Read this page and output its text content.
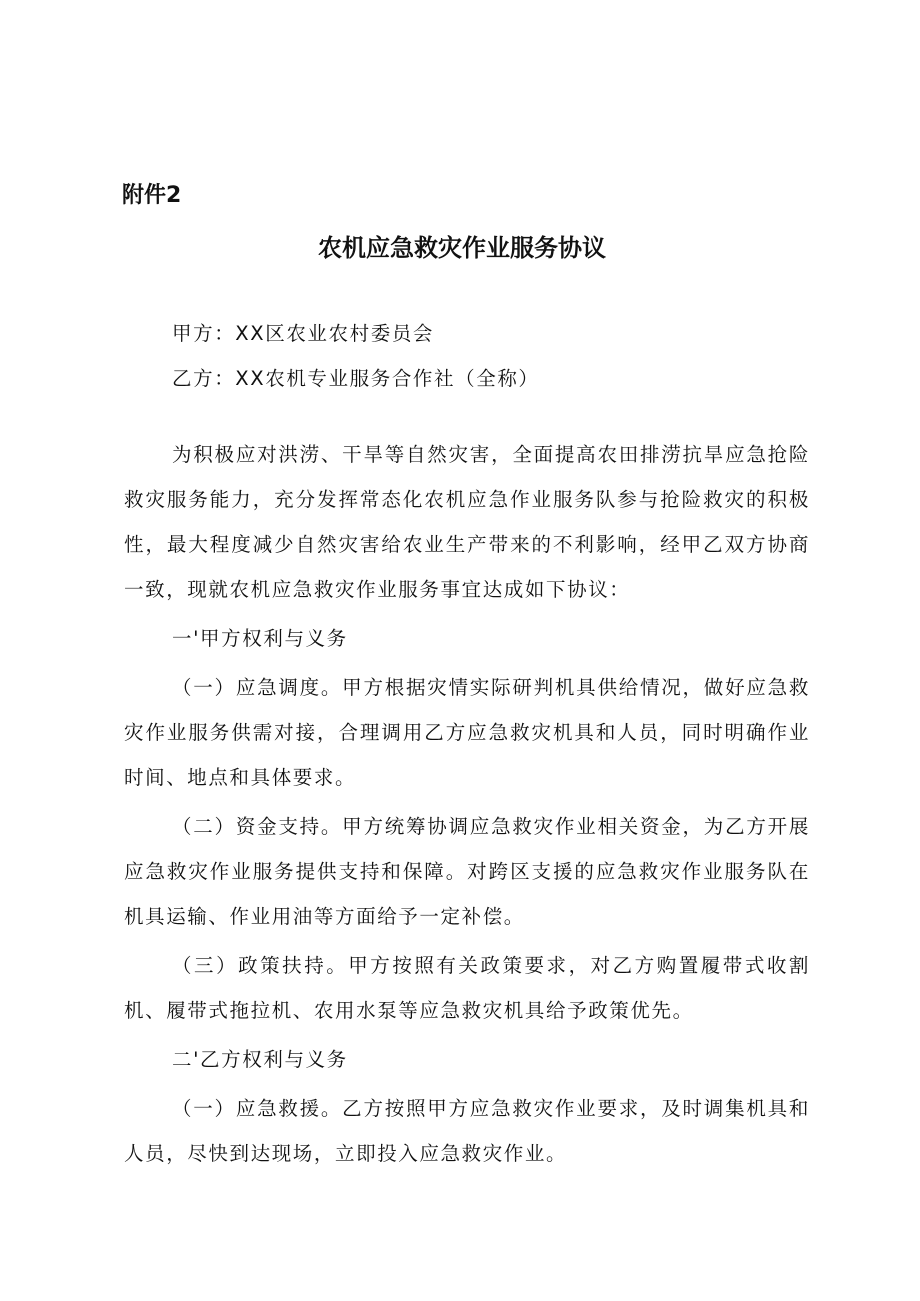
附件2
农机应急救灾作业服务协议
甲方：XX区农业农村委员会
乙方：XX农机专业服务合作社（全称）

为积极应对洪涝、干旱等自然灾害，全面提高农田排涝抗旱应急抢险救灾服务能力，充分发挥常态化农机应急作业服务队参与抢险救灾的积极性，最大程度减少自然灾害给农业生产带来的不利影响，经甲乙双方协商一致，现就农机应急救灾作业服务事宜达成如下协议：

一'甲方权利与义务

（一）应急调度。甲方根据灾情实际研判机具供给情况，做好应急救灾作业服务供需对接，合理调用乙方应急救灾机具和人员，同时明确作业时间、地点和具体要求。

（二）资金支持。甲方统筹协调应急救灾作业相关资金，为乙方开展应急救灾作业服务提供支持和保障。对跨区支援的应急救灾作业服务队在机具运输、作业用油等方面给予一定补偿。

（三）政策扶持。甲方按照有关政策要求，对乙方购置履带式收割机、履带式拖拉机、农用水泵等应急救灾机具给予政策优先。

二'乙方权利与义务

（一）应急救援。乙方按照甲方应急救灾作业要求，及时调集机具和人员，尽快到达现场，立即投入应急救灾作业。
